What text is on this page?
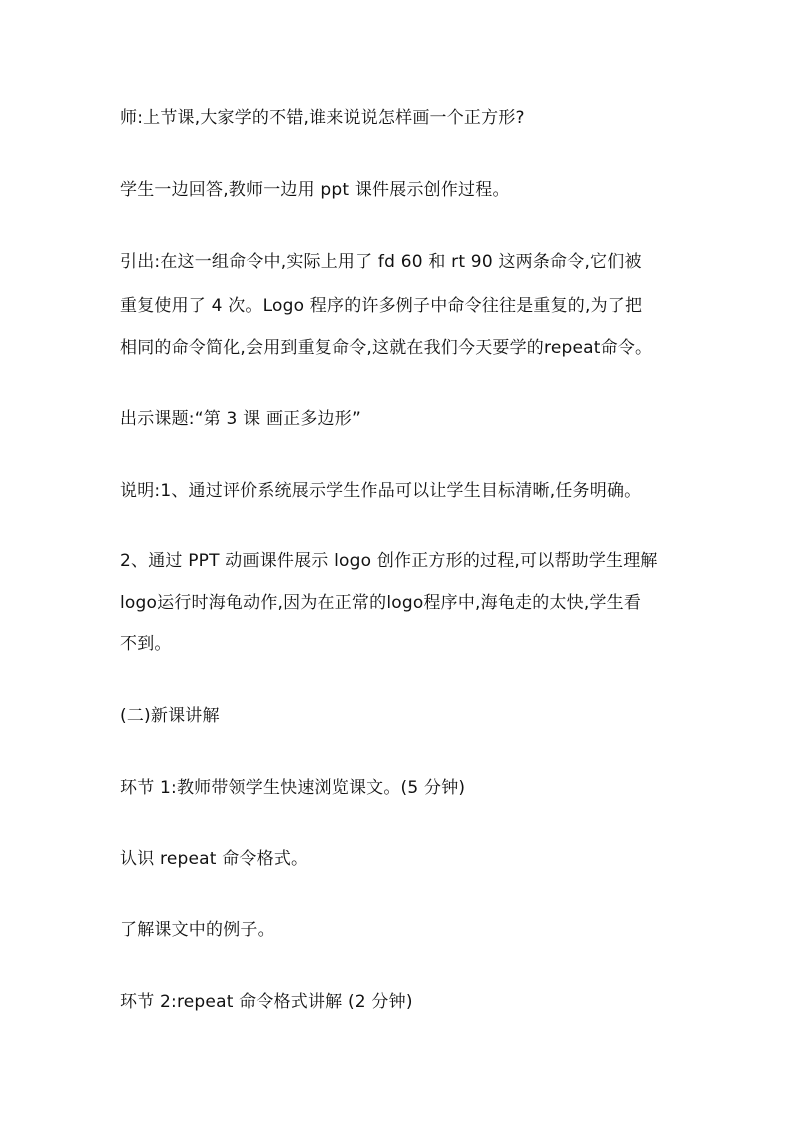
师:上节课,大家学的不错,谁来说说怎样画一个正方形?
学生一边回答,教师一边用 ppt 课件展示创作过程。
引出:在这一组命令中,实际上用了 fd 60 和 rt 90 这两条命令,它们被
重复使用了 4 次。Logo 程序的许多例子中命令往往是重复的,为了把
相同的命令简化,会用到重复命令,这就在我们今天要学的repeat命令。
出示课题:“第 3 课 画正多边形”
说明:1、通过评价系统展示学生作品可以让学生目标清晰,任务明确。
2、通过 PPT 动画课件展示 logo 创作正方形的过程,可以帮助学生理解
logo运行时海龟动作,因为在正常的logo程序中,海龟走的太快,学生看
不到。
(二)新课讲解
环节 1:教师带领学生快速浏览课文。(5 分钟)
认识 repeat 命令格式。
了解课文中的例子。
环节 2:repeat 命令格式讲解 (2 分钟)
